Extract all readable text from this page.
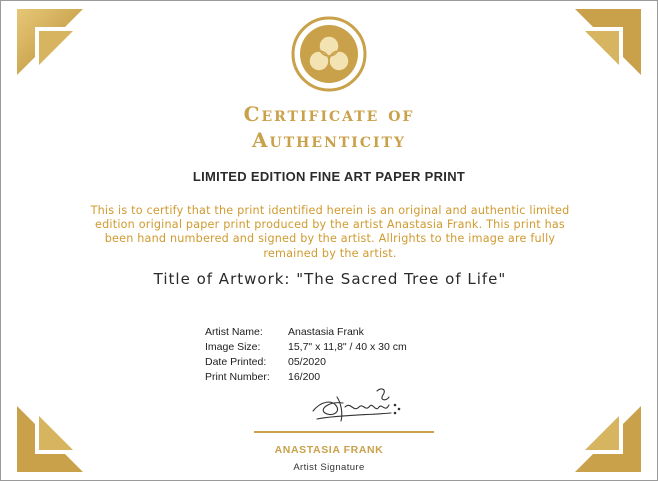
Certificate of
Authenticity
LIMITED EDITION FINE ART PAPER PRINT
This is to certify that the print identified herein is an original and authentic limited edition original paper print produced by the artist Anastasia Frank. This print has been hand numbered and signed by the artist. Allrights to the image are fully remained by the artist.
Title of Artwork: "The Sacred Tree of Life"
Artist Name:	Anastasia Frank
Image Size:	15,7" x 11,8" / 40 x 30 cm
Date Printed:	05/2020
Print Number:	16/200
ANASTASIA FRANK
Artist Signature
